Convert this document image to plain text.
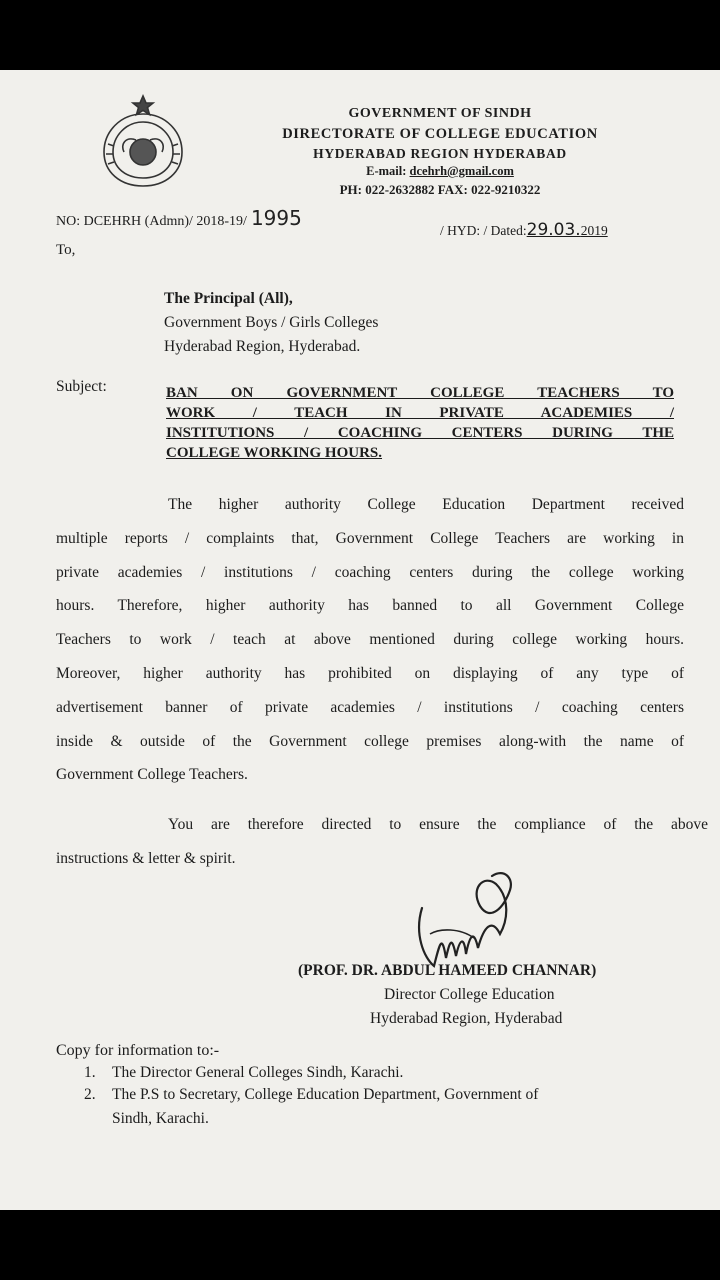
GOVERNMENT OF SINDH
DIRECTORATE OF COLLEGE EDUCATION
HYDERABAD REGION HYDERABAD
E-mail: dcehrh@gmail.com
PH: 022-2632882 FAX: 022-9210322
NO: DCEHRH (Admn)/ 2018-19/ 1995
/ HYD: / Dated:29.03.2019
To,
The Principal (All),
Government Boys / Girls Colleges
Hyderabad Region, Hyderabad.
Subject:	BAN ON GOVERNMENT COLLEGE TEACHERS TO
WORK / TEACH IN PRIVATE ACADEMIES /
INSTITUTIONS / COACHING CENTERS DURING THE
COLLEGE WORKING HOURS.
The higher authority College Education Department received
multiple reports / complaints that, Government College Teachers are working in
private academies / institutions / coaching centers during the college working
hours. Therefore, higher authority has banned to all Government College
Teachers to work / teach at above mentioned during college working hours.
Moreover, higher authority has prohibited on displaying of any type of
advertisement banner of private academies / institutions / coaching centers
inside & outside of the Government college premises along-with the name of
Government College Teachers.
You are therefore directed to ensure the compliance of the above
instructions & letter & spirit.
(PROF. DR. ABDUL HAMEED CHANNAR)
Director College Education
Hyderabad Region, Hyderabad
Copy for information to:-
1. The Director General Colleges Sindh, Karachi.
2. The P.S to Secretary, College Education Department, Government of
Sindh, Karachi.
